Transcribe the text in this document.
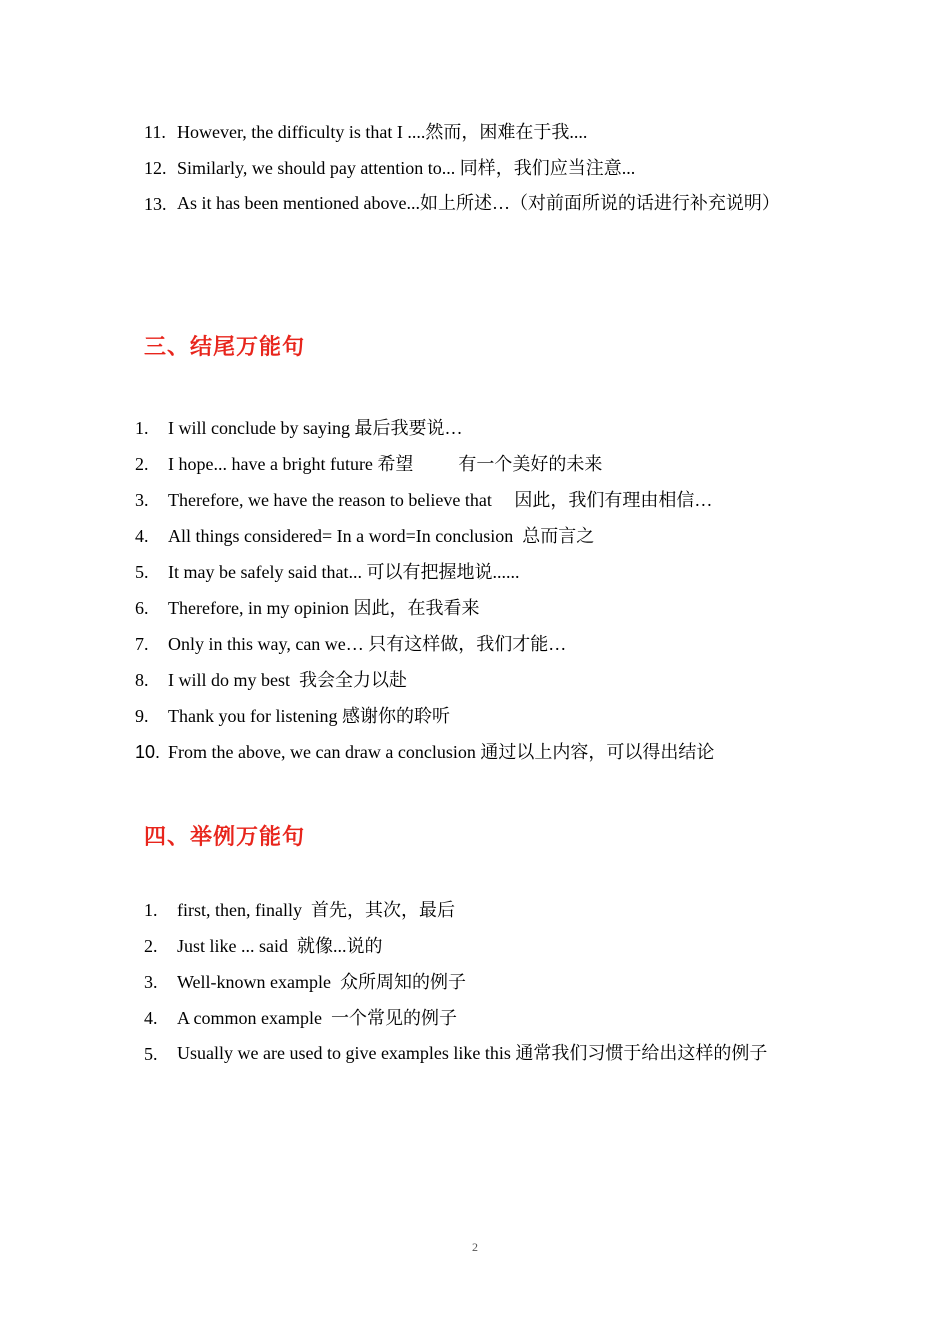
11. However, the difficulty is that I ....然而，困难在于我....
12. Similarly, we should pay attention to... 同样，我们应当注意...
13. As it has been mentioned above...如上所述…（对前面所说的话进行补充说明）
三、结尾万能句
1. I will conclude by saying 最后我要说…
2. I hope... have a bright future 希望          有一个美好的未来
3. Therefore, we have the reason to believe that     因此，我们有理由相信…
4. All things considered= In a word=In conclusion  总而言之
5. It may be safely said that... 可以有把握地说......
6. Therefore, in my opinion 因此，在我看来
7. Only in this way, can we… 只有这样做，我们才能…
8. I will do my best  我会全力以赴
9. Thank you for listening 感谢你的聆听
10. From the above, we can draw a conclusion 通过以上内容，可以得出结论
四、举例万能句
1. first, then, finally  首先，其次，最后
2. Just like ... said  就像...说的
3. Well-known example  众所周知的例子
4. A common example  一个常见的例子
5. Usually we are used to give examples like this 通常我们习惯于给出这样的例子
2
